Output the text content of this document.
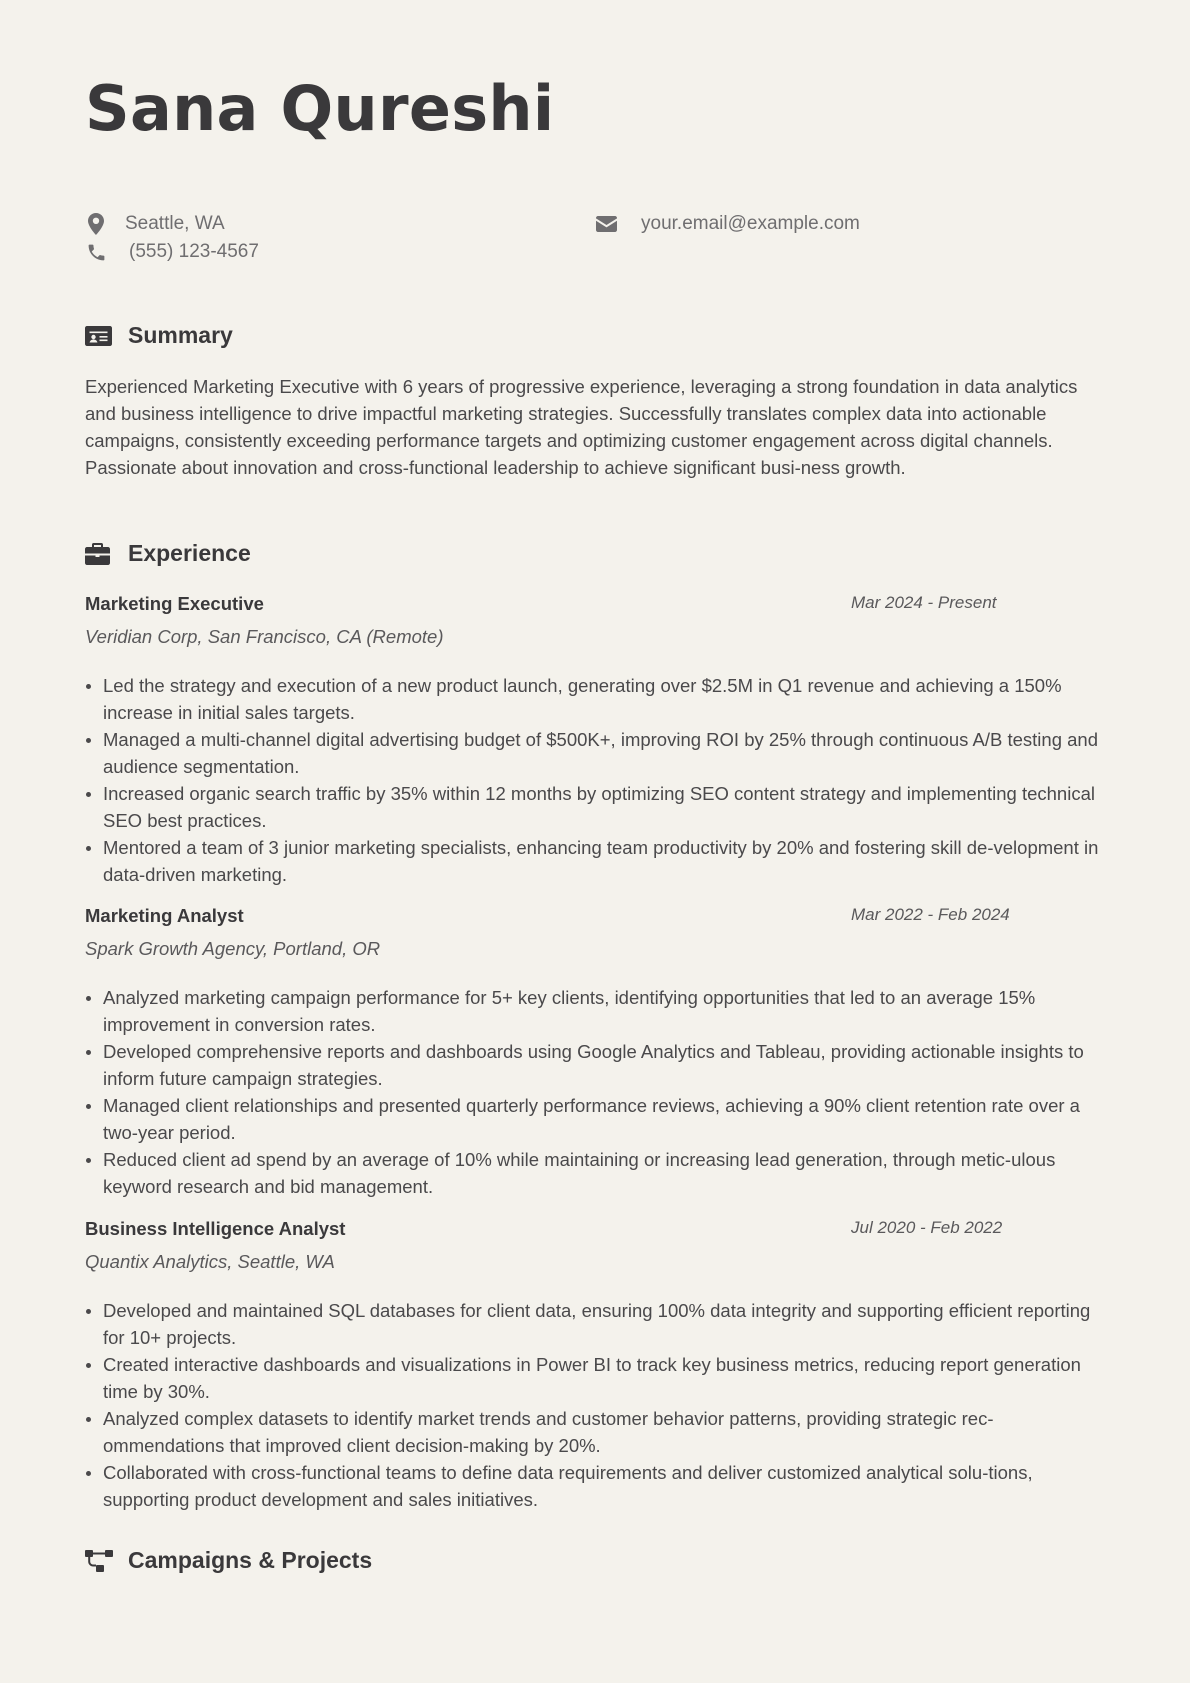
Sana Qureshi
Seattle, WA
(555) 123-4567
your.email@example.com
Summary
Experienced Marketing Executive with 6 years of progressive experience, leveraging a strong foundation in data analytics and business intelligence to drive impactful marketing strategies. Successfully translates complex data into actionable campaigns, consistently exceeding performance targets and optimizing customer engagement across digital channels. Passionate about innovation and cross-functional leadership to achieve significant busi-ness growth.
Experience
Marketing Executive	Mar 2024 - Present
Veridian Corp, San Francisco, CA (Remote)
Led the strategy and execution of a new product launch, generating over $2.5M in Q1 revenue and achieving a 150% increase in initial sales targets.
Managed a multi-channel digital advertising budget of $500K+, improving ROI by 25% through continuous A/B testing and audience segmentation.
Increased organic search traffic by 35% within 12 months by optimizing SEO content strategy and implementing technical SEO best practices.
Mentored a team of 3 junior marketing specialists, enhancing team productivity by 20% and fostering skill de-velopment in data-driven marketing.
Marketing Analyst	Mar 2022 - Feb 2024
Spark Growth Agency, Portland, OR
Analyzed marketing campaign performance for 5+ key clients, identifying opportunities that led to an average 15% improvement in conversion rates.
Developed comprehensive reports and dashboards using Google Analytics and Tableau, providing actionable insights to inform future campaign strategies.
Managed client relationships and presented quarterly performance reviews, achieving a 90% client retention rate over a two-year period.
Reduced client ad spend by an average of 10% while maintaining or increasing lead generation, through metic-ulous keyword research and bid management.
Business Intelligence Analyst	Jul 2020 - Feb 2022
Quantix Analytics, Seattle, WA
Developed and maintained SQL databases for client data, ensuring 100% data integrity and supporting efficient reporting for 10+ projects.
Created interactive dashboards and visualizations in Power BI to track key business metrics, reducing report generation time by 30%.
Analyzed complex datasets to identify market trends and customer behavior patterns, providing strategic rec-ommendations that improved client decision-making by 20%.
Collaborated with cross-functional teams to define data requirements and deliver customized analytical solu-tions, supporting product development and sales initiatives.
Campaigns & Projects
